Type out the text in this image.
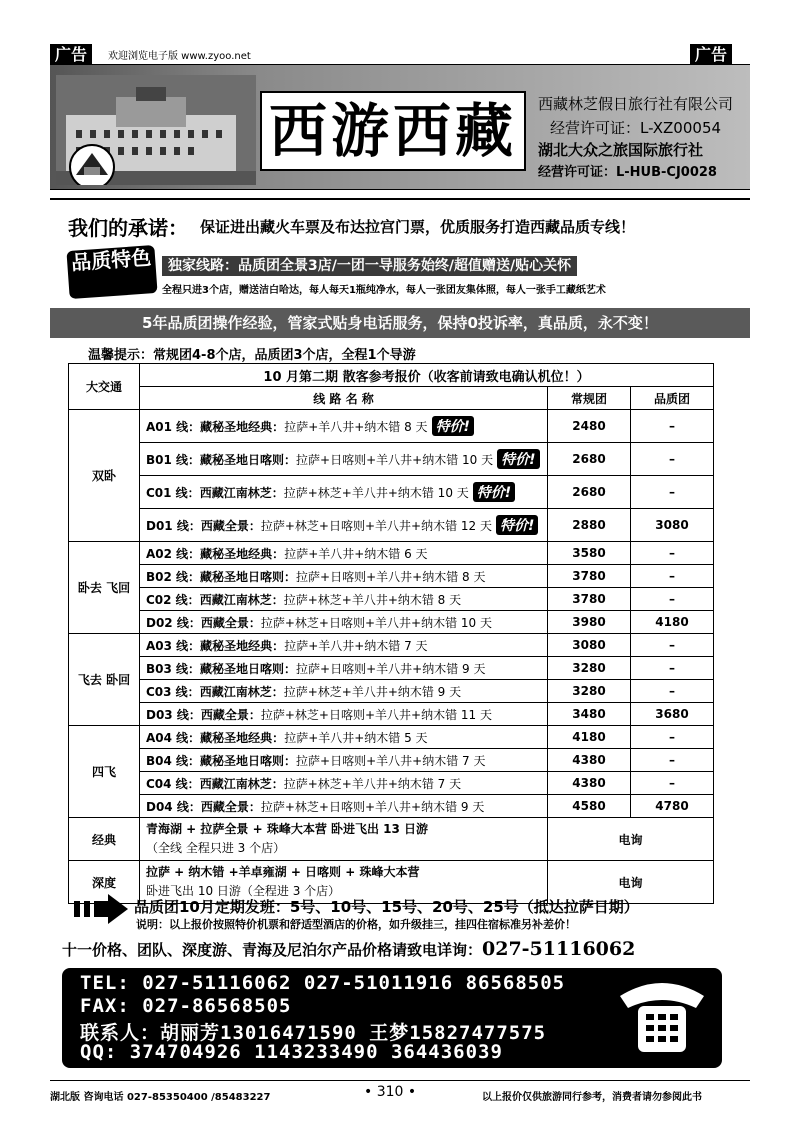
广告	欢迎浏览电子版 www.zyoo.net	广告
西游西藏	西藏林芝假日旅行社有限公司
经营许可证：L-XZ00054
湖北大众之旅国际旅行社
经营许可证：L-HUB-CJ0028
我们的承诺： 保证进出藏火车票及布达拉宫门票，优质服务打造西藏品质专线！
品质特色	独家线路：品质团全景3店/一团一导服务始终/超值赠送/贴心关怀
全程只进3个店，赠送洁白哈达，每人每天1瓶纯净水，每人一张团友集体照，每人一张手工藏纸艺术
5年品质团操作经验，管家式贴身电话服务，保持0投诉率，真品质，永不变！
温馨提示：常规团4-8个店，品质团3个店，全程1个导游
大交通	10 月第二期 散客参考报价（收客前请致电确认机位！）		
	线 路 名 称	常规团	品质团
双卧	A01 线：藏秘圣地经典：拉萨+羊八井+纳木错 8 天 特价!	2480	–
	B01 线：藏秘圣地日喀则：拉萨+日喀则+羊八井+纳木错 10 天 特价!	2680	–
	C01 线：西藏江南林芝：拉萨+林芝+羊八井+纳木错 10 天 特价!	2680	–
	D01 线：西藏全景：拉萨+林芝+日喀则+羊八井+纳木错 12 天 特价!	2880	3080
卧去 飞回	A02 线：藏秘圣地经典：拉萨+羊八井+纳木错 6 天	3580	–
	B02 线：藏秘圣地日喀则：拉萨+日喀则+羊八井+纳木错 8 天	3780	–
	C02 线：西藏江南林芝：拉萨+林芝+羊八井+纳木错 8 天	3780	–
	D02 线：西藏全景：拉萨+林芝+日喀则+羊八井+纳木错 10 天	3980	4180
飞去 卧回	A03 线：藏秘圣地经典：拉萨+羊八井+纳木错 7 天	3080	–
	B03 线：藏秘圣地日喀则：拉萨+日喀则+羊八井+纳木错 9 天	3280	–
	C03 线：西藏江南林芝：拉萨+林芝+羊八井+纳木错 9 天	3280	–
	D03 线：西藏全景：拉萨+林芝+日喀则+羊八井+纳木错 11 天	3480	3680
四飞	A04 线：藏秘圣地经典：拉萨+羊八井+纳木错 5 天	4180	–
	B04 线：藏秘圣地日喀则：拉萨+日喀则+羊八井+纳木错 7 天	4380	–
	C04 线：西藏江南林芝：拉萨+林芝+羊八井+纳木错 7 天	4380	–
	D04 线：西藏全景：拉萨+林芝+日喀则+羊八井+纳木错 9 天	4580	4780
经典	青海湖 + 拉萨全景 + 珠峰大本营 卧进飞出 13 日游
（全线 全程只进 3 个店）	电询	
深度	拉萨 + 纳木错 +羊卓雍湖 + 日喀则 + 珠峰大本营
卧进飞出 10 日游（全程进 3 个店）	电询	
品质团10月定期发班：5号、10号、15号、20号、25号（抵达拉萨日期）
说明：以上报价按照特价机票和舒适型酒店的价格，如升级挂三，挂四住宿标准另补差价！
十一价格、团队、深度游、青海及尼泊尔产品价格请致电详询：027-51116062
TEL: 027-51116062 027-51011916 86568505
FAX: 027-86568505
联系人：胡丽芳13016471590 王梦15827477575
QQ: 374704926 1143233490 364436039
湖北版 咨询电话 027-85350400 /85483227	• 310 •	以上报价仅供旅游同行参考，消费者请勿参阅此书
